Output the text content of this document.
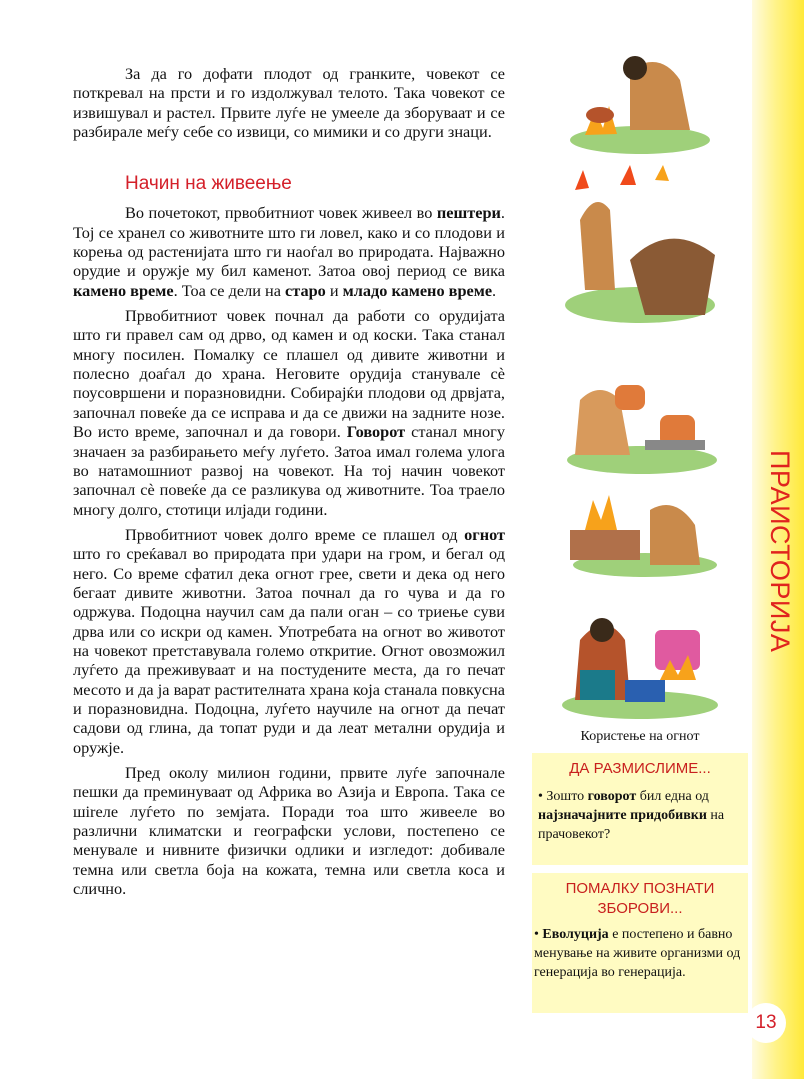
ПРАИСТОРИЈА

За да го дофати плодот од гранките, човекот се поткревал на прсти и го издолжувал телото. Така човекот се извишувал и растел. Првите луѓе не умееле да зборуваат и се разбирале меѓу себе со извици, со мимики и со други знаци.

Начин на живеење

Во почетокот, првобитниот човек живеел во пештери. Тој се хранел со животните што ги ловел, како и со плодови и корења од растенијата што ги наоѓал во природата. Најважно орудие и оружје му бил каменот. Затоа овој период се вика камено време. Тоа се дели на старо и младо камено време.

Првобитниот човек почнал да работи со орудијата што ги правел сам од дрво, од камен и од коски. Така станал многу посилен. Помалку се плашел од дивите животни и полесно доаѓал до храна. Неговите орудија станувале сè поусовршени и поразновидни. Собирајќи плодови од дрвјата, започнал повеќе да се исправа и да се движи на задните нозе. Во исто време, започнал и да говори. Говорот станал многу значаен за разбирањето меѓу луѓето. Затоа имал голема улога во натамошниот развој на човекот. На тој начин човекот започнал сè повеќе да се разликува од животните. Тоа траело многу долго, стотици илјади години.

Првобитниот човек долго време се плашел од огнот што го среќавал во природата при удари на гром, и бегал од него. Со време сфатил дека огнот грее, свети и дека од него бегаат дивите животни. Затоа почнал да го чува и да го одржува. Подоцна научил сам да пали оган – со триење суви дрва или со искри од камен. Употребата на огнот во животот на човекот претставувала големо откритие. Огнот овозможил луѓето да преживуваат и на постудените места, да го печат месото и да ја варат растителната храна која станала повкусна и поразновидна. Подоцна, луѓето научиле на огнот да печат садови од глина, да топат руди и да леат метални орудија и оружје.

Пред околу милион години, првите луѓе започнале пешки да преминуваат од Африка во Азија и Европа. Така се шireле луѓето по земјата. Поради тоа што живееле во различни климатски и географски услови, постепено се менувале и нивните физички одлики и изгледот: добивале темна или светла боја на кожата, темна или светла коса и слично.

Користење на огнот
ДА РАЗМИСЛИМЕ...
• Зошто говорот бил една од најзначајните придобивки на прачовекот?
ПОМАЛКУ ПОЗНАТИ ЗБОРОВИ...
• Еволуција е постепено и бавно менување на живите организми од генерација во генерација.
13
